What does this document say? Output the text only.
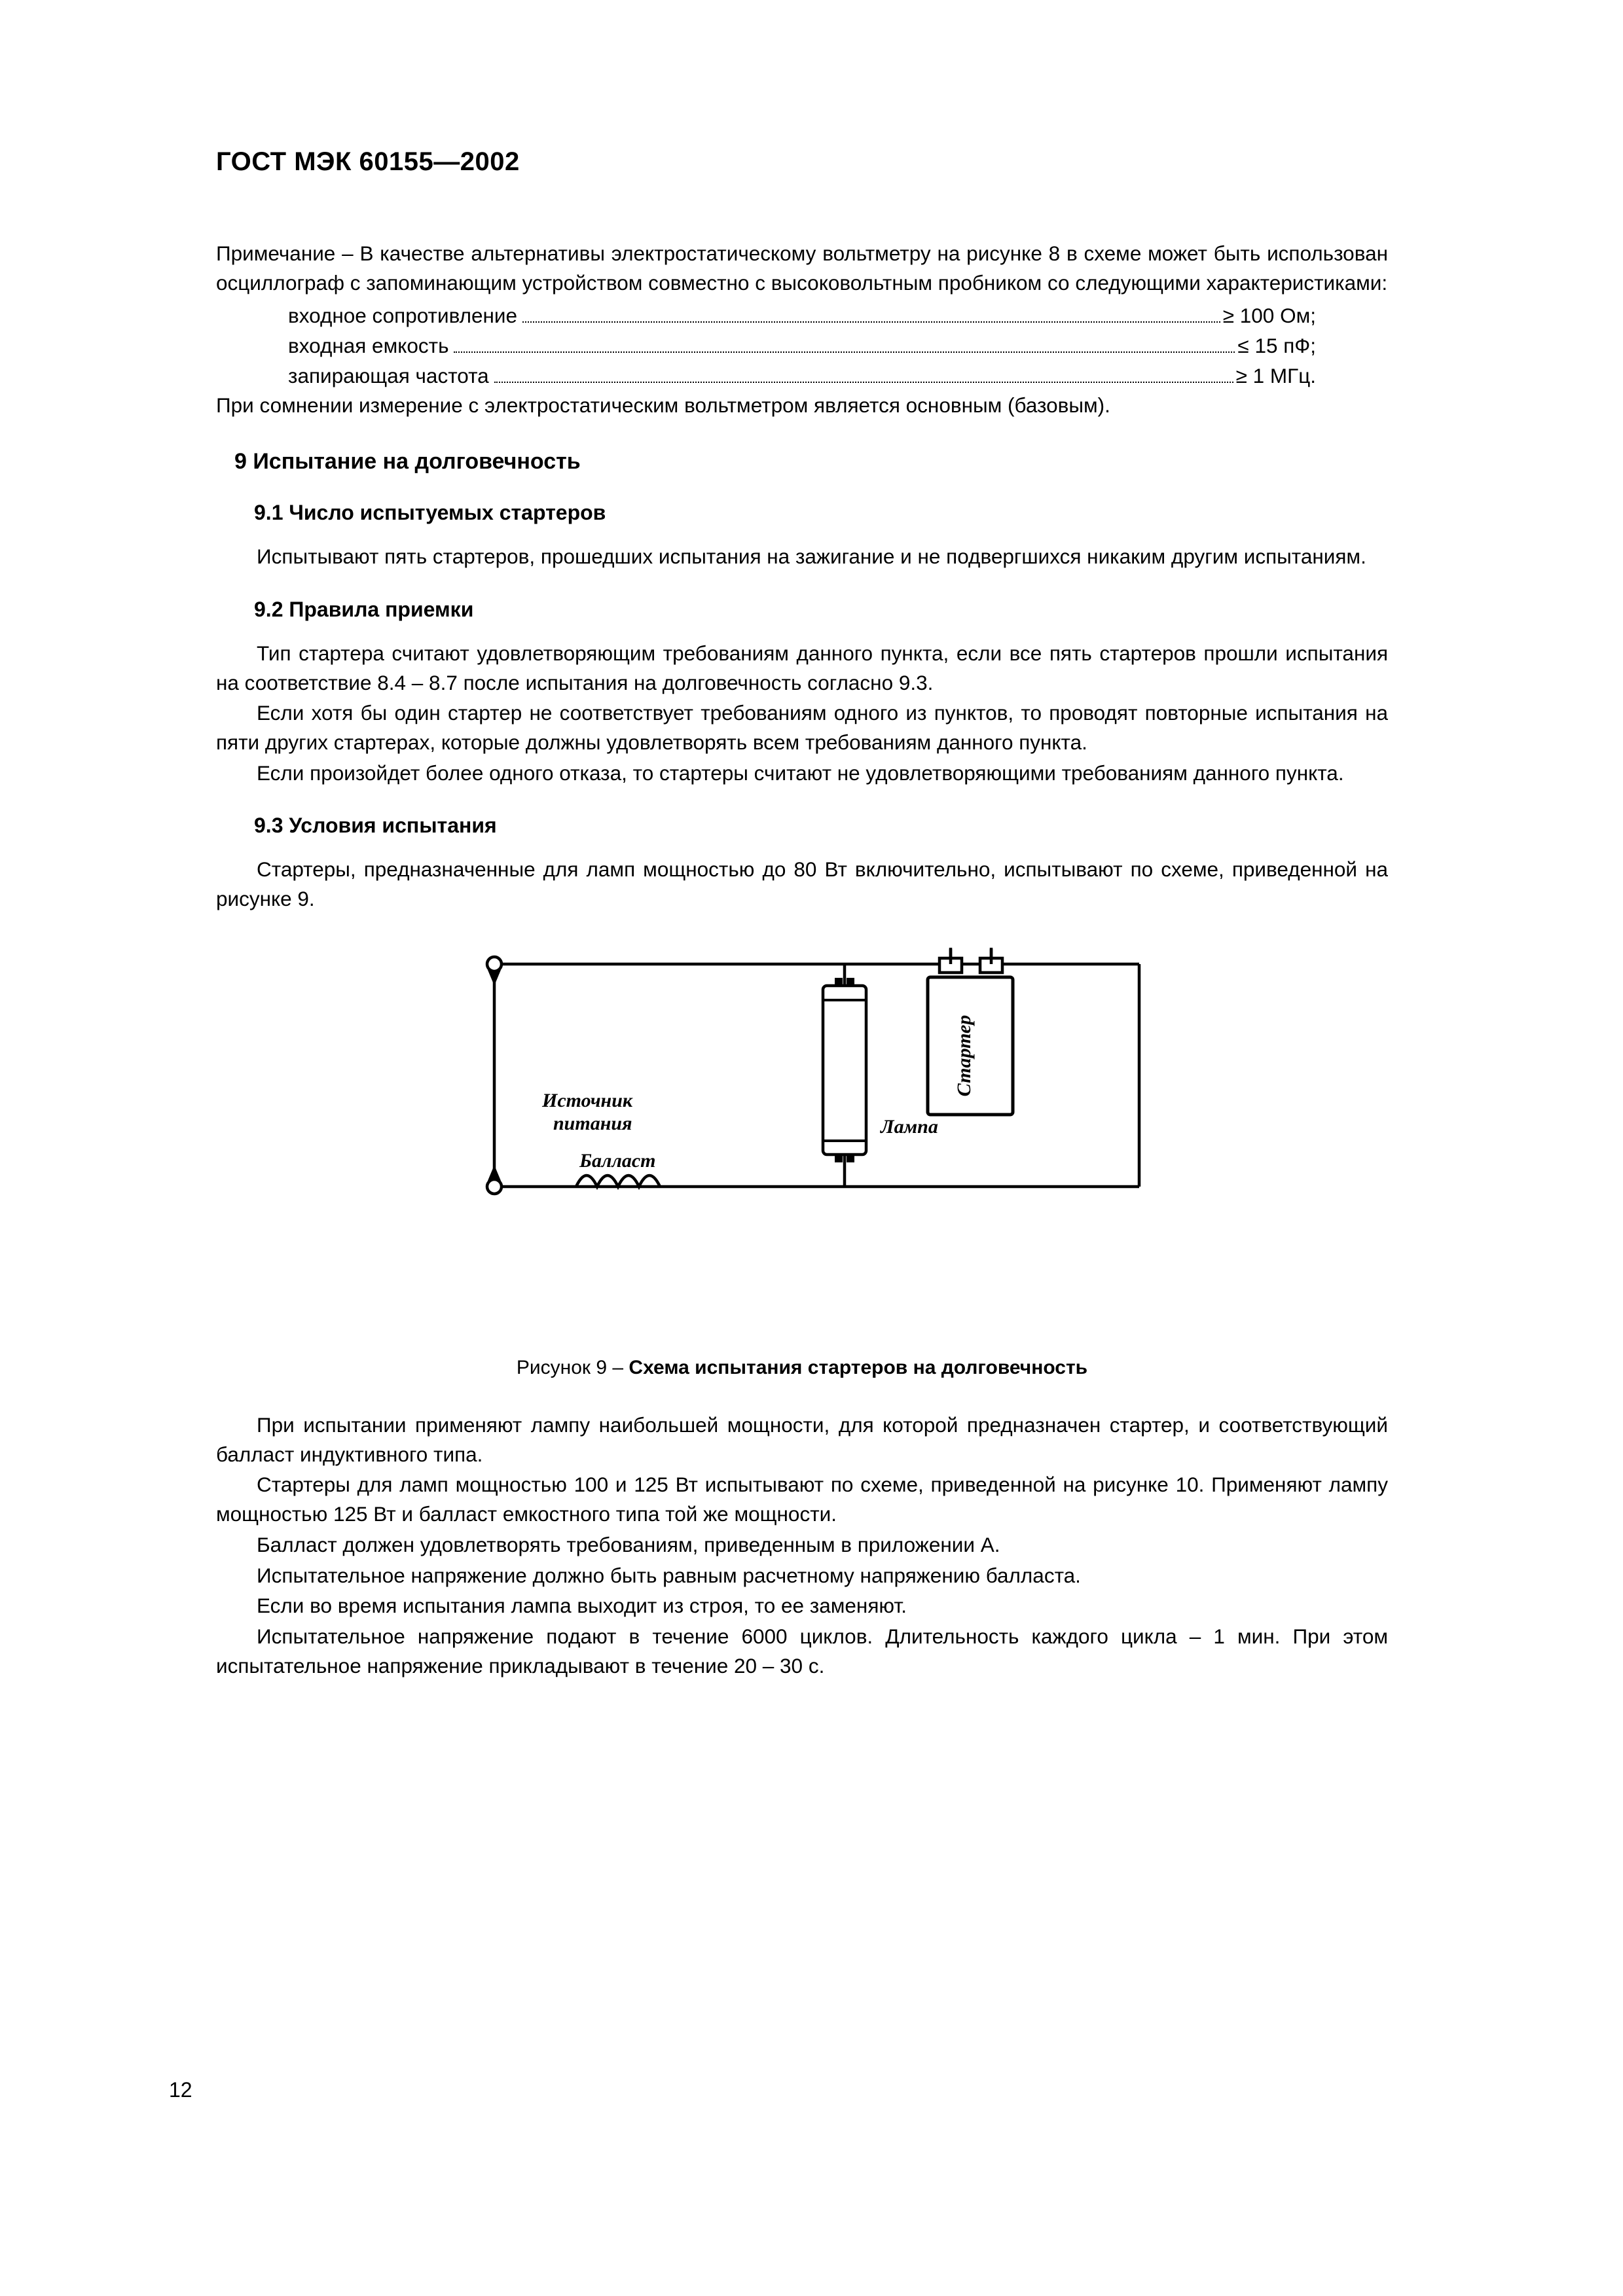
ГОСТ МЭК 60155—2002

Примечание – В качестве альтернативы электростатическому вольтметру на рисунке 8 в схеме может быть использован осциллограф с запоминающим устройством совместно с высоковольтным пробником со следующими характеристиками:

входное сопротивление	≥ 100 Ом;
входная емкость	≤ 15 пФ;
запирающая частота	≥ 1 МГц.

При сомнении измерение с электростатическим вольтметром является основным (базовым).

9 Испытание на долговечность
9.1 Число испытуемых стартеров

Испытывают пять стартеров, прошедших испытания на зажигание и не подвергшихся никаким другим испытаниям.

9.2 Правила приемки

Тип стартера считают удовлетворяющим требованиям данного пункта, если все пять стартеров прошли испытания на соответствие 8.4 – 8.7 после испытания на долговечность согласно 9.3.

Если хотя бы один стартер не соответствует требованиям одного из пунктов, то проводят повторные испытания на пяти других стартерах, которые должны удовлетворять всем требованиям данного пункта.

Если произойдет более одного отказа, то стартеры считают не удовлетворяющими требованиям данного пункта.

9.3 Условия испытания

Стартеры, предназначенные для ламп мощностью до 80 Вт включительно, испытывают по схеме, приведенной на рисунке 9.

Источник
питания
Балласт
Лампа
Стартер
Рисунок 9 – Схема испытания стартеров на долговечность

При испытании применяют лампу наибольшей мощности, для которой предназначен стартер, и соответствующий балласт индуктивного типа.

Стартеры для ламп мощностью 100 и 125 Вт испытывают по схеме, приведенной на рисунке 10. Применяют лампу мощностью 125 Вт и балласт емкостного типа той же мощности.

Балласт должен удовлетворять требованиям, приведенным в приложении А.

Испытательное напряжение должно быть равным расчетному напряжению балласта.

Если во время испытания лампа выходит из строя, то ее заменяют.

Испытательное напряжение подают в течение 6000 циклов. Длительность каждого цикла – 1 мин. При этом испытательное напряжение прикладывают в течение 20 – 30 с.

12
